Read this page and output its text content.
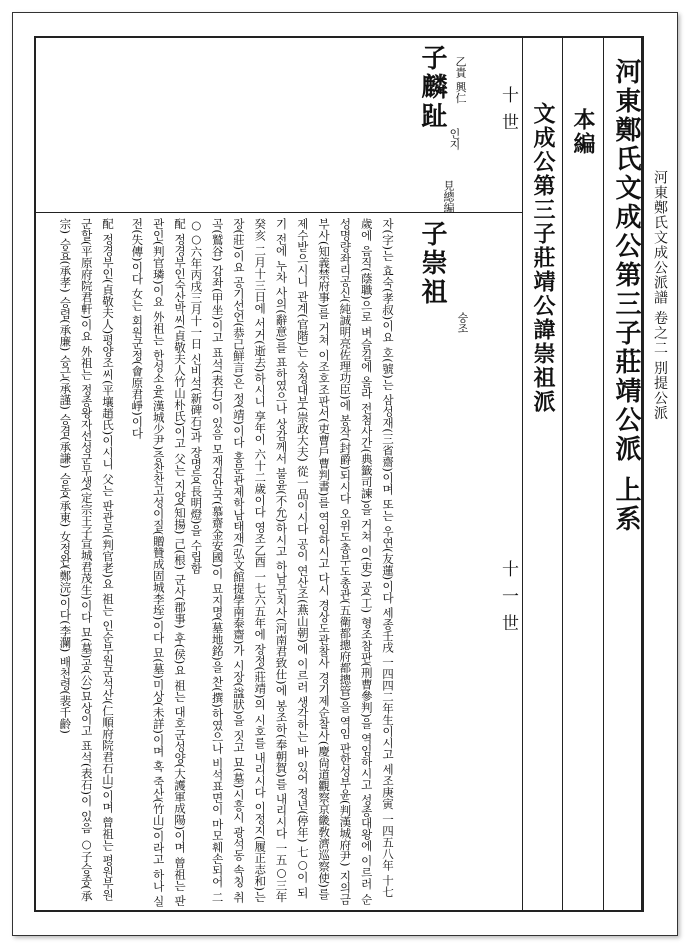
河東鄭氏文成公派譜 卷之二 別提公派
河東鄭氏文成公第三子莊靖公派 上系
本編
文成公第三子莊靖公諱崇祖派
十世
十一世
乙貴 興仁
子麟趾
인지
見總編
子崇祖
숭조

자(字)는 효숙(孝叔)이요 호(號)는 삼성재(三省齋)이며 또는 우연(友蓮)이다 세종壬戌 一四四二年生이시고 세조庚寅 一四五八年 十七歲에 음직(蔭職)으로 벼슬길에 올라 전첨사간(典籤司諫)을 거쳐 이(吏) 공(工) 형조참판(刑曹參判)을 역임하시고 성종대왕에 이르러 순성명량좌리공신(純誠明亮佐理功臣)에 봉작(封爵)되시다 오위도총부도총관(五衛都摠府都摠管)을 역임 판한성부윤(判漢城府尹) 지의금부사(知義禁府事)를 거쳐 이조호조판서(吏曹戶曹判書)를 역임하시고 다시 경상도관찰사 경기제순찰사(慶尙道觀察京畿敎濟巡察使)를 제수받으시니 관계(官階)는 숭정대부(崇政大夫) 從一品이시다 공이 연산조(燕山朝)에 이르러 생각하는 바 있어 정년(停年) 七○이 되기 전에 누차 사의(辭意)를 표하였으나 상감께서 불윤(不允)하시고 하남군치사(河南君致仕)에 봉조하(奉朝賀)를 내리시다 一五○三年癸亥 二月十三日에 서거(逝去)하시니 享年이 六十二歲이다 영조乙酉 一七六五年에 장정(莊靖)의 시호를 내리시다 이정지(履正志和)는 장(莊)이요 공기선언(恭己鮮言)은 정(靖)이다 홍문관제학남태재(弘文館提學南泰齋)가 시장(諡狀)을 짓고 묘(墓)시흥시 광석동 속칭 취곡(鷲谷) 갑좌(甲坐)이고 표석(表石)이 있음 모재김안국(慕齋金安國)이 묘지명(墓地銘)을 찬(撰)하였으나 비석표면이 마모훼손되어 二○○六年丙戌三月十一日 신비석(新碑石)과 장명등(長明燈)을 수립함

配 정경부인숙산박씨(貞敬夫人竹山朴氏)이고 父는 지양(知揚) 己(根) 군사(郡事) 후(侯)요 祖는 대호군성양(大護軍成陽)이며 曾祖는 판관인(判官璘)이요 外祖는 한성소윤(漢城少尹)증찬찬고성이질(贈贊成固城李垤)이다 묘(墓)미상(未詳)이며 혹 죽산(竹山)이라고 하나 실전(失傳)이다 女는 회원군정(會原君崢)이다

配 정경부인(貞敬夫人)평양조씨(平壤趙氏)이시니 父는 판관로(判官老)요 祖는 인순부원군석산(仁順府院君石山)이며 曾祖는 평원부원군할(平原府院君軒)이요 外祖는 정종왕자선성군무생(定宗王子宣城君茂生)이다 묘(墓)공(公)묘상이고 표석(表石)이 있음 ○子승종(承宗) 승효(承孝) 승렴(承廉) 승근(承謹) 승겸(承謙) 승동(承東) 女정완(鄭浣)이다(李瀾) 배천령(裴千齡)
